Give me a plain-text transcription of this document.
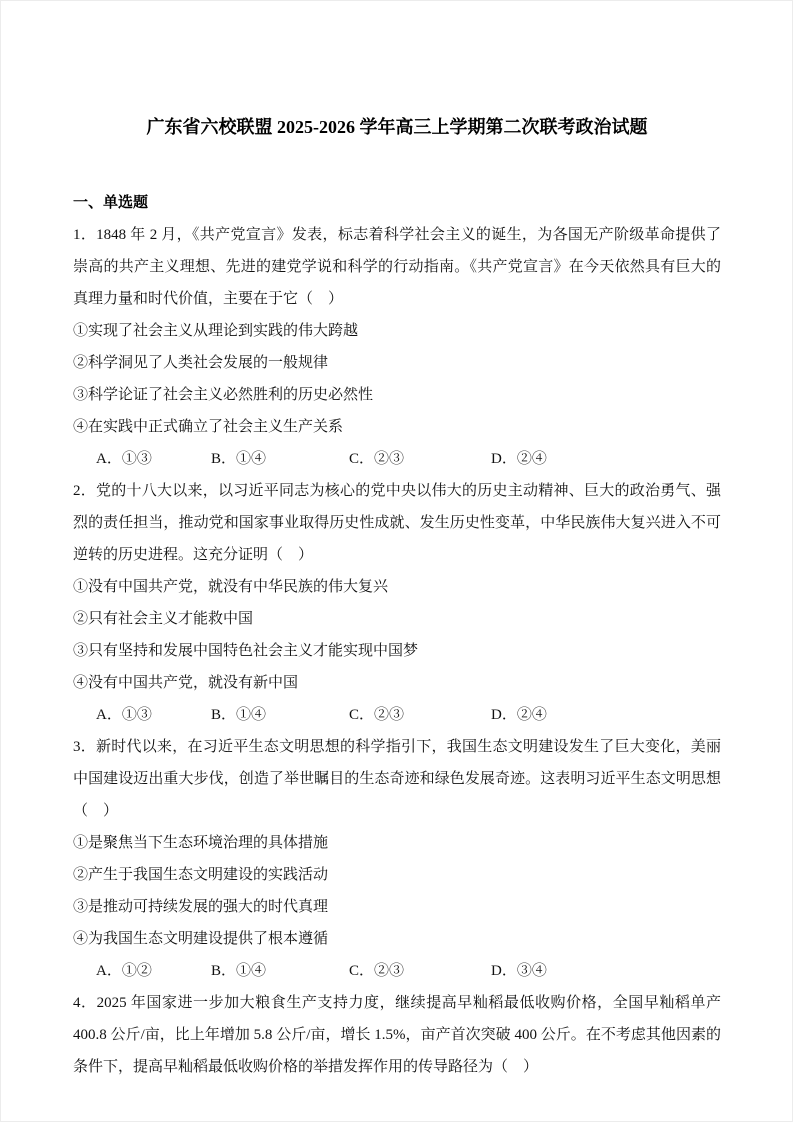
广东省六校联盟 2025-2026 学年高三上学期第二次联考政治试题
一、单选题

1．1848 年 2 月，《共产党宣言》发表，标志着科学社会主义的诞生，为各国无产阶级革命提供了崇高的共产主义理想、先进的建党学说和科学的行动指南。《共产党宣言》在今天依然具有巨大的真理力量和时代价值，主要在于它（　）

①实现了社会主义从理论到实践的伟大跨越

②科学洞见了人类社会发展的一般规律

③科学论证了社会主义必然胜利的历史必然性

④在实践中正式确立了社会主义生产关系

A．①③	B．①④	C．②③	D．②④

2．党的十八大以来，以习近平同志为核心的党中央以伟大的历史主动精神、巨大的政治勇气、强烈的责任担当，推动党和国家事业取得历史性成就、发生历史性变革，中华民族伟大复兴进入不可逆转的历史进程。这充分证明（　）

①没有中国共产党，就没有中华民族的伟大复兴

②只有社会主义才能救中国

③只有坚持和发展中国特色社会主义才能实现中国梦

④没有中国共产党，就没有新中国

A．①③	B．①④	C．②③	D．②④

3．新时代以来，在习近平生态文明思想的科学指引下，我国生态文明建设发生了巨大变化，美丽中国建设迈出重大步伐，创造了举世瞩目的生态奇迹和绿色发展奇迹。这表明习近平生态文明思想（　）

①是聚焦当下生态环境治理的具体措施

②产生于我国生态文明建设的实践活动

③是推动可持续发展的强大的时代真理

④为我国生态文明建设提供了根本遵循

A．①②	B．①④	C．②③	D．③④

4．2025 年国家进一步加大粮食生产支持力度，继续提高早籼稻最低收购价格，全国早籼稻单产 400.8 公斤/亩，比上年增加 5.8 公斤/亩，增长 1.5%，亩产首次突破 400 公斤。在不考虑其他因素的条件下，提高早籼稻最低收购价格的举措发挥作用的传导路径为（　）
